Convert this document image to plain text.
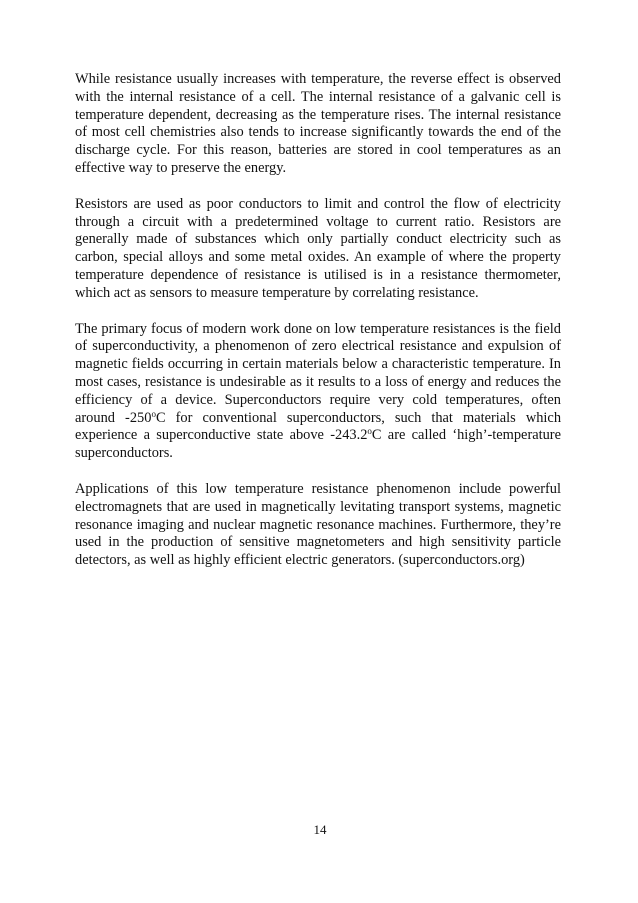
While resistance usually increases with temperature, the reverse effect is observed with the internal resistance of a cell. The internal resistance of a galvanic cell is temperature dependent, decreasing as the temperature rises. The internal resistance of most cell chemistries also tends to increase significantly towards the end of the discharge cycle. For this reason, batteries are stored in cool temperatures as an effective way to preserve the energy.

Resistors are used as poor conductors to limit and control the flow of electricity through a circuit with a predetermined voltage to current ratio. Resistors are generally made of substances which only partially conduct electricity such as carbon, special alloys and some metal oxides. An example of where the property temperature dependence of resistance is utilised is in a resistance thermometer, which act as sensors to measure temperature by correlating resistance.

The primary focus of modern work done on low temperature resistances is the field of superconductivity, a phenomenon of zero electrical resistance and expulsion of magnetic fields occurring in certain materials below a characteristic temperature. In most cases, resistance is undesirable as it results to a loss of energy and reduces the efficiency of a device. Superconductors require very cold temperatures, often around -250$^o$C for conventional superconductors, such that materials which experience a superconductive state above -243.2$^o$C are called ‘high’-temperature superconductors.

Applications of this low temperature resistance phenomenon include powerful electromagnets that are used in magnetically levitating transport systems, magnetic resonance imaging and nuclear magnetic resonance machines. Furthermore, they’re used in the production of sensitive magnetometers and high sensitivity particle detectors, as well as highly efficient electric generators. (superconductors.org)

14
